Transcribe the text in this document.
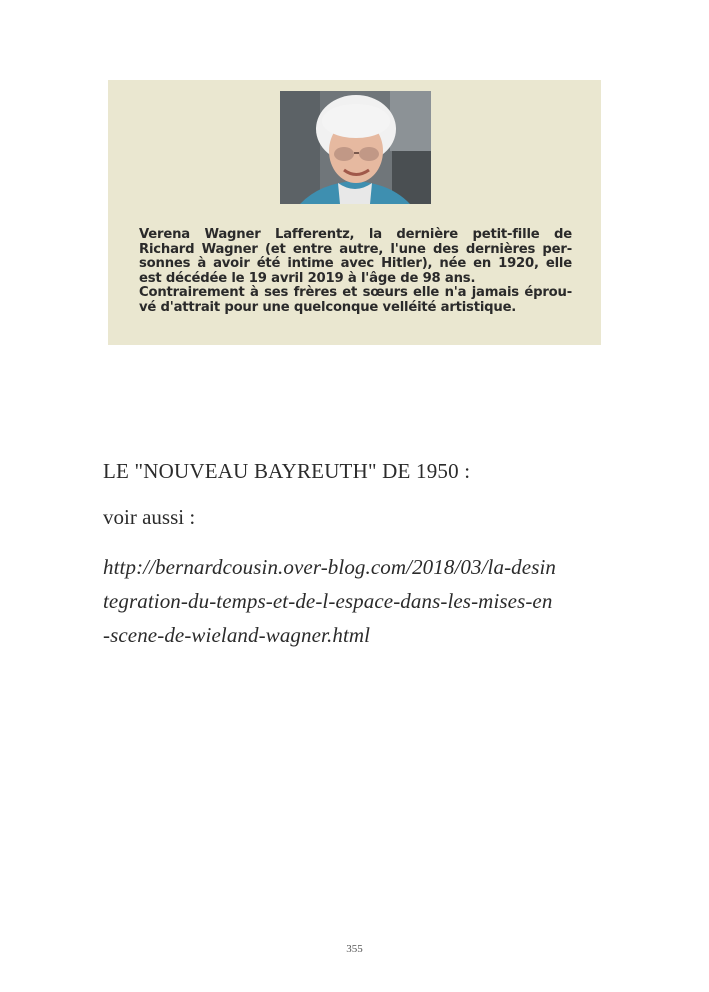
Verena Wagner Lafferentz, la dernière petit-fille de

Richard Wagner (et entre autre, l'une des dernières per-

sonnes à avoir été intime avec Hitler), née en 1920, elle

est décédée le 19 avril 2019 à l'âge de 98 ans.

Contrairement à ses frères et sœurs elle n'a jamais éprou-

vé d'attrait pour une quelconque velléité artistique.

LE "NOUVEAU BAYREUTH" DE 1950 :
voir aussi :
http://bernardcousin.over-blog.com/2018/03/la-desin
tegration-du-temps-et-de-l-espace-dans-les-mises-en
-scene-de-wieland-wagner.html
355
